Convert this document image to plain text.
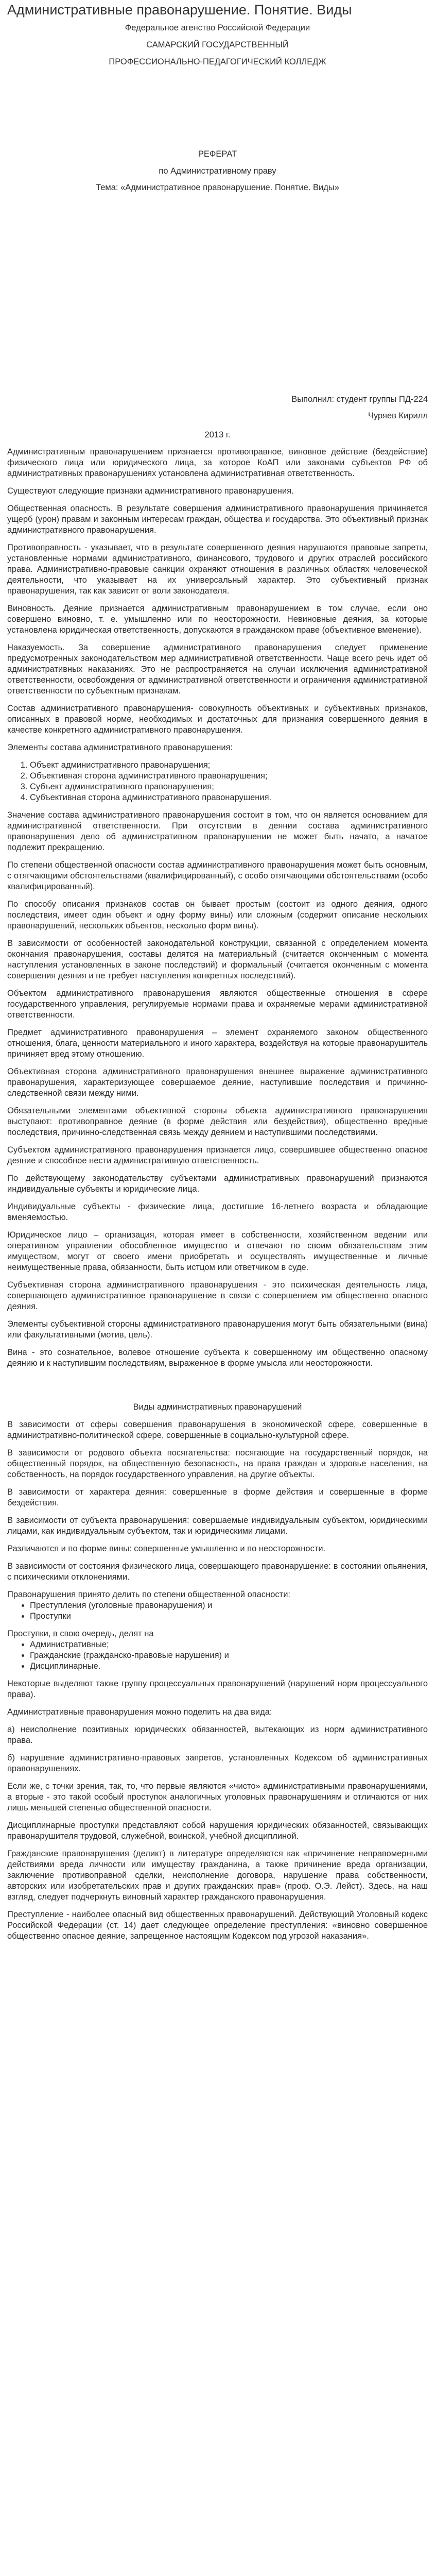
Административные правонарушение. Понятие. Виды

Федеральное агенство Российской Федерации

САМАРСКИЙ ГОСУДАРСТВЕННЫЙ

ПРОФЕССИОНАЛЬНО-ПЕДАГОГИЧЕСКИЙ КОЛЛЕДЖ

РЕФЕРАТ

по Административному праву

Тема: «Административное правонарушение. Понятие. Виды»

Выполнил: студент группы ПД-224

Чуряев Кирилл

2013 г.

Административным правонарушением признается противоправное, виновное действие (бездействие) физического лица или юридического лица, за которое КоАП или законами субъектов РФ об административных правонарушениях установлена административная ответственность.

Существуют следующие признаки административного правонарушения.

Общественная опасность. В результате совершения административного правонарушения причиняется ущерб (урон) правам и законным интересам граждан, общества и государства. Это объективный признак административного правонарушения.

Противоправность - указывает, что в результате совершенного деяния нарушаются правовые запреты, установленные нормами административного, финансового, трудового и других отраслей российского права. Административно-правовые санкции охраняют отношения в различных областях человеческой деятельности, что указывает на их универсальный характер. Это субъективный признак правонарушения, так как зависит от воли законодателя.

Виновность. Деяние признается административным правонарушением в том случае, если оно совершено виновно, т. е. умышленно или по неосторожности. Невиновные деяния, за которые установлена юридическая ответственность, допускаются в гражданском праве (объективное вменение).

Наказуемость. За совершение административного правонарушения следует применение предусмотренных законодательством мер административной ответственности. Чаще всего речь идет об административных наказаниях. Это не распространяется на случаи исключения административной ответственности, освобождения от административной ответственности и ограничения административной ответственности по субъектным признакам.

Состав административного правонарушения- совокупность объективных и субъективных признаков, описанных в правовой норме, необходимых и достаточных для признания совершенного деяния в качестве конкретного административного правонарушения.

Элементы состава административного правонарушения:

1. Объект административного правонарушения;
2. Объективная сторона административного правонарушения;
3. Субъект административного правонарушения;
4. Субъективная сторона административного правонарушения.

Значение состава административного правонарушения состоит в том, что он является основанием для административной ответственности. При отсутствии в деянии состава административного правонарушения дело об административном правонарушении не может быть начато, а начатое подлежит прекращению.

По степени общественной опасности состав административного правонарушения может быть основным, с отягчающими обстоятельствами (квалифицированный), с особо отягчающими обстоятельствами (особо квалифицированный).

По способу описания признаков состав он бывает простым (состоит из одного деяния, одного последствия, имеет один объект и одну форму вины) или сложным (содержит описание нескольких правонарушений, нескольких объектов, несколько форм вины).

В зависимости от особенностей законодательной конструкции, связанной с определением момента окончания правонарушения, составы делятся на материальный (считается оконченным с момента наступления установленных в законе последствий) и формальный (считается оконченным с момента совершения деяния и не требует наступления конкретных последствий).

Объектом административного правонарушения являются общественные отношения в сфере государственного управления, регулируемые нормами права и охраняемые мерами административной ответственности.

Предмет административного правонарушения – элемент охраняемого законом общественного отношения, блага, ценности материального и иного характера, воздействуя на которые правонарушитель причиняет вред этому отношению.

Объективная сторона административного правонарушения внешнее выражение административного правонарушения, характеризующее совершаемое деяние, наступившие последствия и причинно-следственной связи между ними.

Обязательными элементами объективной стороны объекта административного правонарушения выступают: противоправное деяние (в форме действия или бездействия), общественно вредные последствия, причинно-следственная связь между деянием и наступившими последствиями.

Субъектом административного правонарушения признается лицо, совершившее общественно опасное деяние и способное нести административную ответственность.

По действующему законодательству субъектами административных правонарушений признаются индивидуальные субъекты и юридические лица.

Индивидуальные субъекты - физические лица, достигшие 16-летнего возраста и обладающие вменяемостью.

Юридическое лицо – организация, которая имеет в собственности, хозяйственном ведении или оперативном управлении обособленное имущество и отвечают по своим обязательствам этим имуществом, могут от своего имени приобретать и осуществлять имущественные и личные неимущественные права, обязанности, быть истцом или ответчиком в суде.

Субъективная сторона административного правонарушения - это психическая деятельность лица, совершающего административное правонарушение в связи с совершением им общественно опасного деяния.

Элементы субъективной стороны административного правонарушения могут быть обязательными (вина) или факультативными (мотив, цель).

Вина - это сознательное, волевое отношение субъекта к совершенному им общественно опасному деянию и к наступившим последствиям, выраженное в форме умысла или неосторожности.

Виды административных правонарушений

В зависимости от сферы совершения правонарушения в экономической сфере, совершенные в административно-политической сфере, совершенные в социально-культурной сфере.

В зависимости от родового объекта посягательства: посягающие на государственный порядок, на общественный порядок, на общественную безопасность, на права граждан и здоровье населения, на собственность, на порядок государственного управления, на другие объекты.

В зависимости от характера деяния: совершенные в форме действия и совершенные в форме бездействия.

В зависимости от субъекта правонарушения: совершаемые индивидуальным субъектом, юридическими лицами, как индивидуальным субъектом, так и юридическими лицами.

Различаются и по форме вины: совершенные умышленно и по неосторожности.

В зависимости от состояния физического лица, совершающего правонарушение: в состоянии опьянения, с психическими отклонениями.

Правонарушения принято делить по степени общественной опасности:

• Преступления (уголовные правонарушения) и
• Проступки

Проступки, в свою очередь, делят на

• Административные;
• Гражданские (гражданско-правовые нарушения) и
• Дисциплинарные.

Некоторые выделяют также группу процессуальных правонарушений (нарушений норм процессуального права).

Административные правонарушения можно поделить на два вида:

а) неисполнение позитивных юридических обязанностей, вытекающих из норм административного права.

б) нарушение административно-правовых запретов, установленных Кодексом об административных правонарушениях.

Если же, с точки зрения, так, то, что первые являются «чисто» административными правонарушениями, а вторые - это такой особый проступок аналогичных уголовных правонарушениям и отличаются от них лишь меньшей степенью общественной опасности.

Дисциплинарные проступки представляют собой нарушения юридических обязанностей, связывающих правонарушителя трудовой, служебной, воинской, учебной дисциплиной.

Гражданские правонарушения (деликт) в литературе определяются как «причинение неправомерными действиями вреда личности или имуществу гражданина, а также причинение вреда организации, заключение противоправной сделки, неисполнение договора, нарушение права собственности, авторских или изобретательских прав и других гражданских прав» (проф. О.Э. Лейст). Здесь, на наш взгляд, следует подчеркнуть виновный характер гражданского правонарушения.

Преступление - наиболее опасный вид общественных правонарушений. Действующий Уголовный кодекс Российской Федерации (ст. 14) дает следующее определение преступления: «виновно совершенное общественно опасное деяние, запрещенное настоящим Кодексом под угрозой наказания».
